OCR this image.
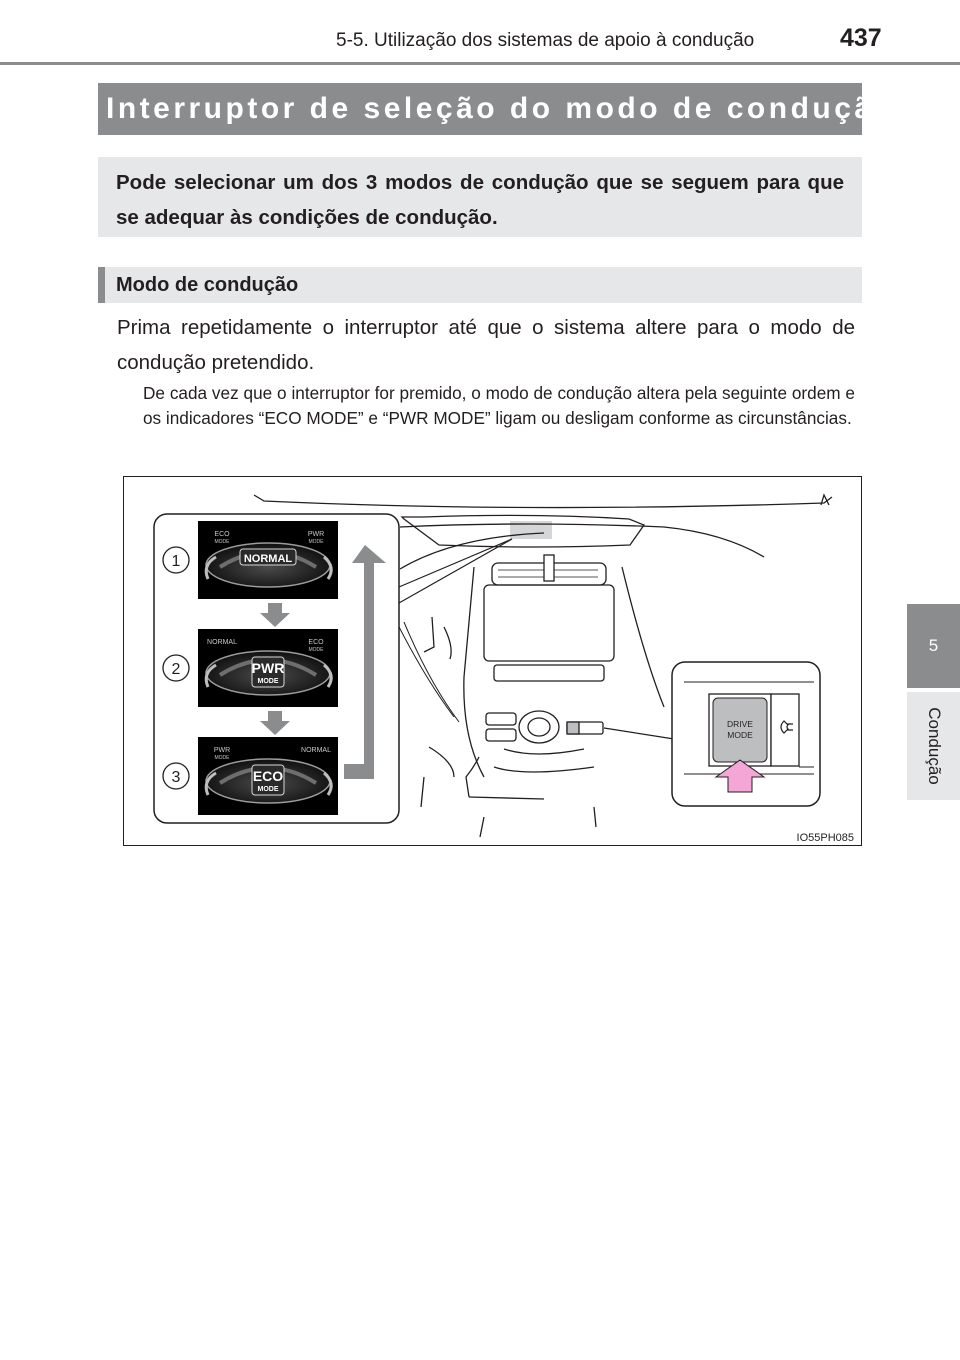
5-5. Utilização dos sistemas de apoio à condução	437
5
Condução
Interruptor de seleção do modo de condução
Pode selecionar um dos 3 modos de condução que se seguem para que se adequar às condições de condução.
Modo de condução
Prima repetidamente o interruptor até que o sistema altere para o modo de condução pretendido.
De cada vez que o interruptor for premido, o modo de condução altera pela seguinte ordem e os indicadores “ECO MODE” e “PWR MODE” ligam ou desligam conforme as circunstâncias.
NORMAL
ECO
MODE
PWR
MODE
1
PWR
MODE
NORMAL	ECO
MODE
2
ECO
MODE
PWR
MODE
NORMAL
3
DRIVE
MODE
IO55PH085
